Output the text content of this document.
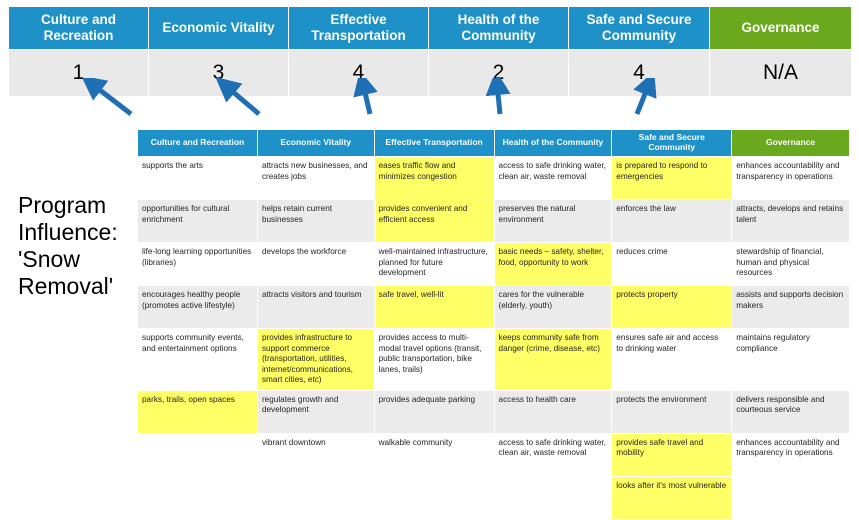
Culture and Recreation	Economic Vitality	Effective Transportation	Health of the Community	Safe and Secure Community	Governance
1	3	4	2	4	N/A
Program
Influence:
'Snow
Removal'
Culture and Recreation	Economic Vitality	Effective Transportation	Health of the Community	Safe and Secure Community	Governance
supports the arts	attracts new businesses, and creates jobs	eases traffic flow and minimizes congestion	access to safe drinking water, clean air, waste removal	is prepared to respond to emergencies	enhances accountability and transparency in operations
opportunities for cultural enrichment	helps retain current businesses	provides convenient and efficient access	preserves the natural environment	enforces the law	attracts, develops and retains talent
life-long learning opportunities (libraries)	develops the workforce	well-maintained infrastructure, planned for future development	basic needs – safety, shelter, food, opportunity to work	reduces crime	stewardship of financial, human and physical resources
encourages healthy people (promotes active lifestyle)	attracts visitors and tourism	safe travel, well-lit	cares for the vulnerable (elderly, youth)	protects property	assists and supports decision makers
supports community events, and entertainment options	provides infrastructure to support commerce (transportation, utilities, internet/communications, smart cities, etc)	provides access to multi-modal travel options (transit, public transportation, bike lanes, trails)	keeps community safe from danger (crime, disease, etc)	ensures safe air and access to drinking water	maintains regulatory compliance
parks, trails, open spaces	regulates growth and development	provides adequate parking	access to health care	protects the environment	delivers responsible and courteous service
	vibrant downtown	walkable community	access to safe drinking water, clean air, waste removal	provides safe travel and mobility	enhances accountability and transparency in operations
				looks after it's most vulnerable	
